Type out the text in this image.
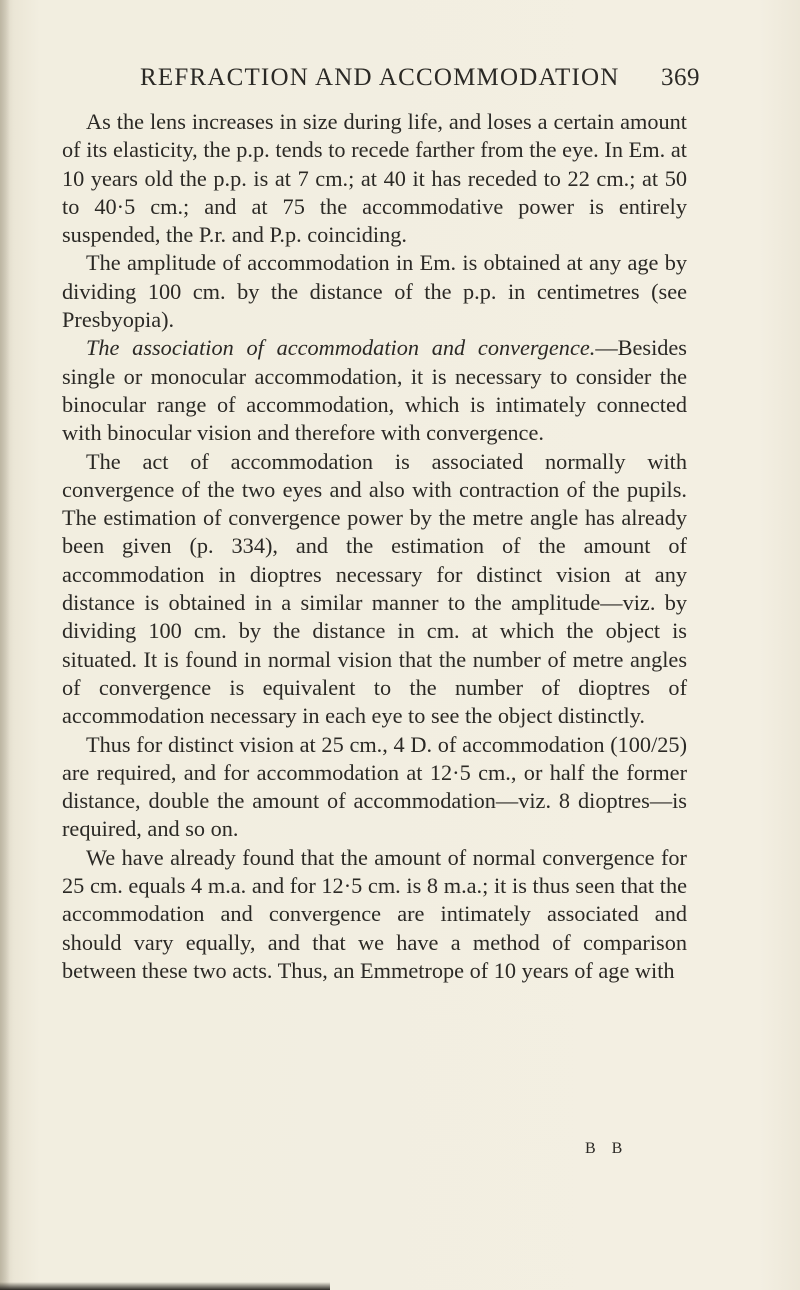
REFRACTION AND ACCOMMODATION 369

As the lens increases in size during life, and loses a certain amount of its elasticity, the p.p. tends to recede farther from the eye. In Em. at 10 years old the p.p. is at 7 cm.; at 40 it has receded to 22 cm.; at 50 to 40·5 cm.; and at 75 the accommodative power is entirely suspended, the P.r. and P.p. coinciding.

The amplitude of accommodation in Em. is obtained at any age by dividing 100 cm. by the distance of the p.p. in centimetres (see Presbyopia).

The association of accommodation and convergence.—Besides single or monocular accommodation, it is necessary to consider the binocular range of accommodation, which is intimately connected with binocular vision and therefore with convergence.

The act of accommodation is associated normally with convergence of the two eyes and also with contraction of the pupils. The estimation of convergence power by the metre angle has already been given (p. 334), and the estimation of the amount of accommodation in dioptres necessary for distinct vision at any distance is obtained in a similar manner to the amplitude—viz. by dividing 100 cm. by the distance in cm. at which the object is situated. It is found in normal vision that the number of metre angles of convergence is equivalent to the number of dioptres of accommodation necessary in each eye to see the object distinctly.

Thus for distinct vision at 25 cm., 4 D. of accommodation (100/25) are required, and for accommodation at 12·5 cm., or half the former distance, double the amount of accommodation—viz. 8 dioptres—is required, and so on.

We have already found that the amount of normal convergence for 25 cm. equals 4 m.a. and for 12·5 cm. is 8 m.a.; it is thus seen that the accommodation and convergence are intimately associated and should vary equally, and that we have a method of comparison between these two acts. Thus, an Emmetrope of 10 years of age with

B B
